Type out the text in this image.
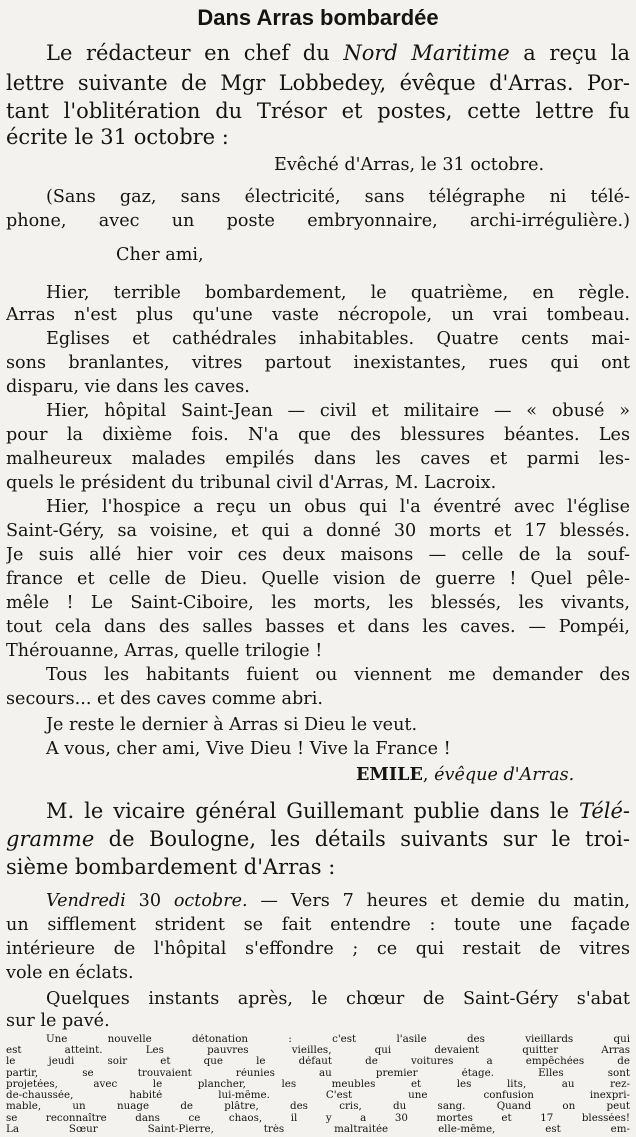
Dans Arras bombardée

Le rédacteur en chef du Nord Maritime a reçu la

lettre suivante de Mgr Lobbedey, évêque d'Arras. Por-

tant l'oblitération du Trésor et postes, cette lettre fu

écrite le 31 octobre :

Evêché d'Arras, le 31 octobre.

(Sans gaz, sans électricité, sans télégraphe ni télé-

phone, avec un poste embryonnaire, archi-irrégulière.)

Cher ami,

Hier, terrible bombardement, le quatrième, en règle.

Arras n'est plus qu'une vaste nécropole, un vrai tombeau.

Eglises et cathédrales inhabitables. Quatre cents mai-

sons branlantes, vitres partout inexistantes, rues qui ont

disparu, vie dans les caves.

Hier, hôpital Saint-Jean — civil et militaire — « obusé »

pour la dixième fois. N'a que des blessures béantes. Les

malheureux malades empilés dans les caves et parmi les-

quels le président du tribunal civil d'Arras, M. Lacroix.

Hier, l'hospice a reçu un obus qui l'a éventré avec l'église

Saint-Géry, sa voisine, et qui a donné 30 morts et 17 blessés.

Je suis allé hier voir ces deux maisons — celle de la souf-

france et celle de Dieu. Quelle vision de guerre ! Quel pêle-

mêle ! Le Saint-Ciboire, les morts, les blessés, les vivants,

tout cela dans des salles basses et dans les caves. — Pompéi,

Thérouanne, Arras, quelle trilogie !

Tous les habitants fuient ou viennent me demander des

secours... et des caves comme abri.

Je reste le dernier à Arras si Dieu le veut.

A vous, cher ami, Vive Dieu ! Vive la France !

EMILE, évêque d'Arras.

M. le vicaire général Guillemant publie dans le Télé-

gramme de Boulogne, les détails suivants sur le troi-

sième bombardement d'Arras :

Vendredi 30 octobre. — Vers 7 heures et demie du matin,

un sifflement strident se fait entendre : toute une façade

intérieure de l'hôpital s'effondre ; ce qui restait de vitres

vole en éclats.

Quelques instants après, le chœur de Saint-Géry s'abat

sur le pavé.

Une nouvelle détonation : c'est l'asile des vieillards qui

est atteint. Les pauvres vieilles, qui devaient quitter Arras

le jeudi soir et que le défaut de voitures a empêchées de

partir, se trouvaient réunies au premier étage. Elles sont

projetées, avec le plancher, les meubles et les lits, au rez-

de-chaussée, habité lui-même. C'est une confusion inexpri-

mable, un nuage de plâtre, des cris, du sang. Quand on peut

se reconnaître dans ce chaos, il y a 30 mortes et 17 blessées!

La Sœur Saint-Pierre, très maltraitée elle-même, est em-
